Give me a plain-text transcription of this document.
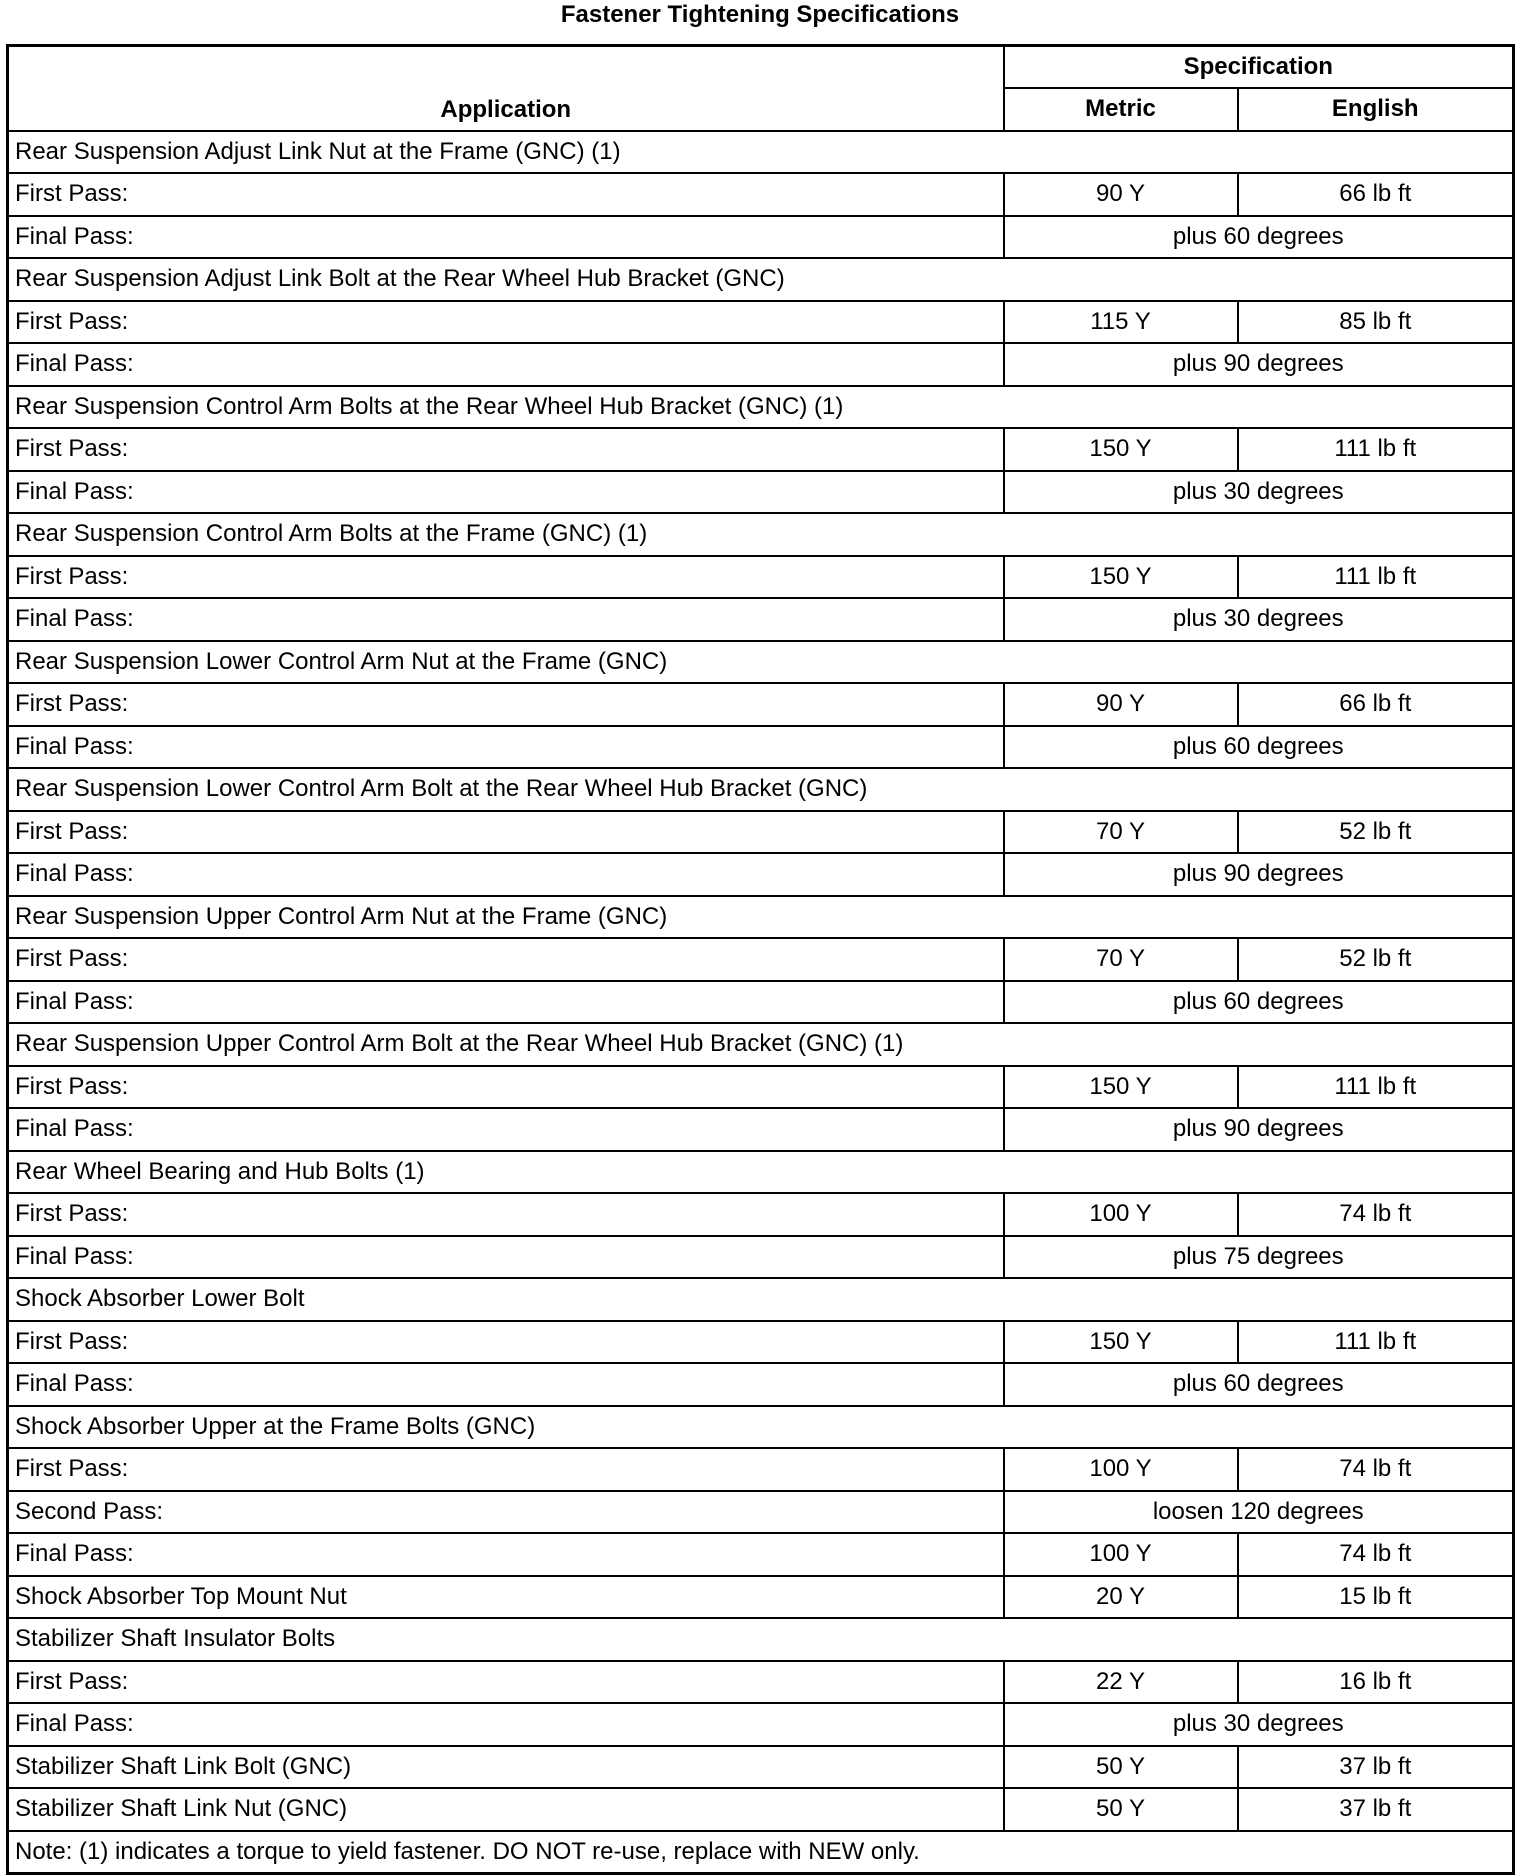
Fastener Tightening Specifications
Application	Specification	
	Metric	English
Rear Suspension Adjust Link Nut at the Frame (GNC) (1)		
First Pass:	90 Y	66 lb ft
Final Pass:	plus 60 degrees	
Rear Suspension Adjust Link Bolt at the Rear Wheel Hub Bracket (GNC)		
First Pass:	115 Y	85 lb ft
Final Pass:	plus 90 degrees	
Rear Suspension Control Arm Bolts at the Rear Wheel Hub Bracket (GNC) (1)		
First Pass:	150 Y	111 lb ft
Final Pass:	plus 30 degrees	
Rear Suspension Control Arm Bolts at the Frame (GNC) (1)		
First Pass:	150 Y	111 lb ft
Final Pass:	plus 30 degrees	
Rear Suspension Lower Control Arm Nut at the Frame (GNC)		
First Pass:	90 Y	66 lb ft
Final Pass:	plus 60 degrees	
Rear Suspension Lower Control Arm Bolt at the Rear Wheel Hub Bracket (GNC)		
First Pass:	70 Y	52 lb ft
Final Pass:	plus 90 degrees	
Rear Suspension Upper Control Arm Nut at the Frame (GNC)		
First Pass:	70 Y	52 lb ft
Final Pass:	plus 60 degrees	
Rear Suspension Upper Control Arm Bolt at the Rear Wheel Hub Bracket (GNC) (1)		
First Pass:	150 Y	111 lb ft
Final Pass:	plus 90 degrees	
Rear Wheel Bearing and Hub Bolts (1)		
First Pass:	100 Y	74 lb ft
Final Pass:	plus 75 degrees	
Shock Absorber Lower Bolt		
First Pass:	150 Y	111 lb ft
Final Pass:	plus 60 degrees	
Shock Absorber Upper at the Frame Bolts (GNC)		
First Pass:	100 Y	74 lb ft
Second Pass:	loosen 120 degrees	
Final Pass:	100 Y	74 lb ft
Shock Absorber Top Mount Nut	20 Y	15 lb ft
Stabilizer Shaft Insulator Bolts		
First Pass:	22 Y	16 lb ft
Final Pass:	plus 30 degrees	
Stabilizer Shaft Link Bolt (GNC)	50 Y	37 lb ft
Stabilizer Shaft Link Nut (GNC)	50 Y	37 lb ft
Note: (1) indicates a torque to yield fastener. DO NOT re-use, replace with NEW only.		
